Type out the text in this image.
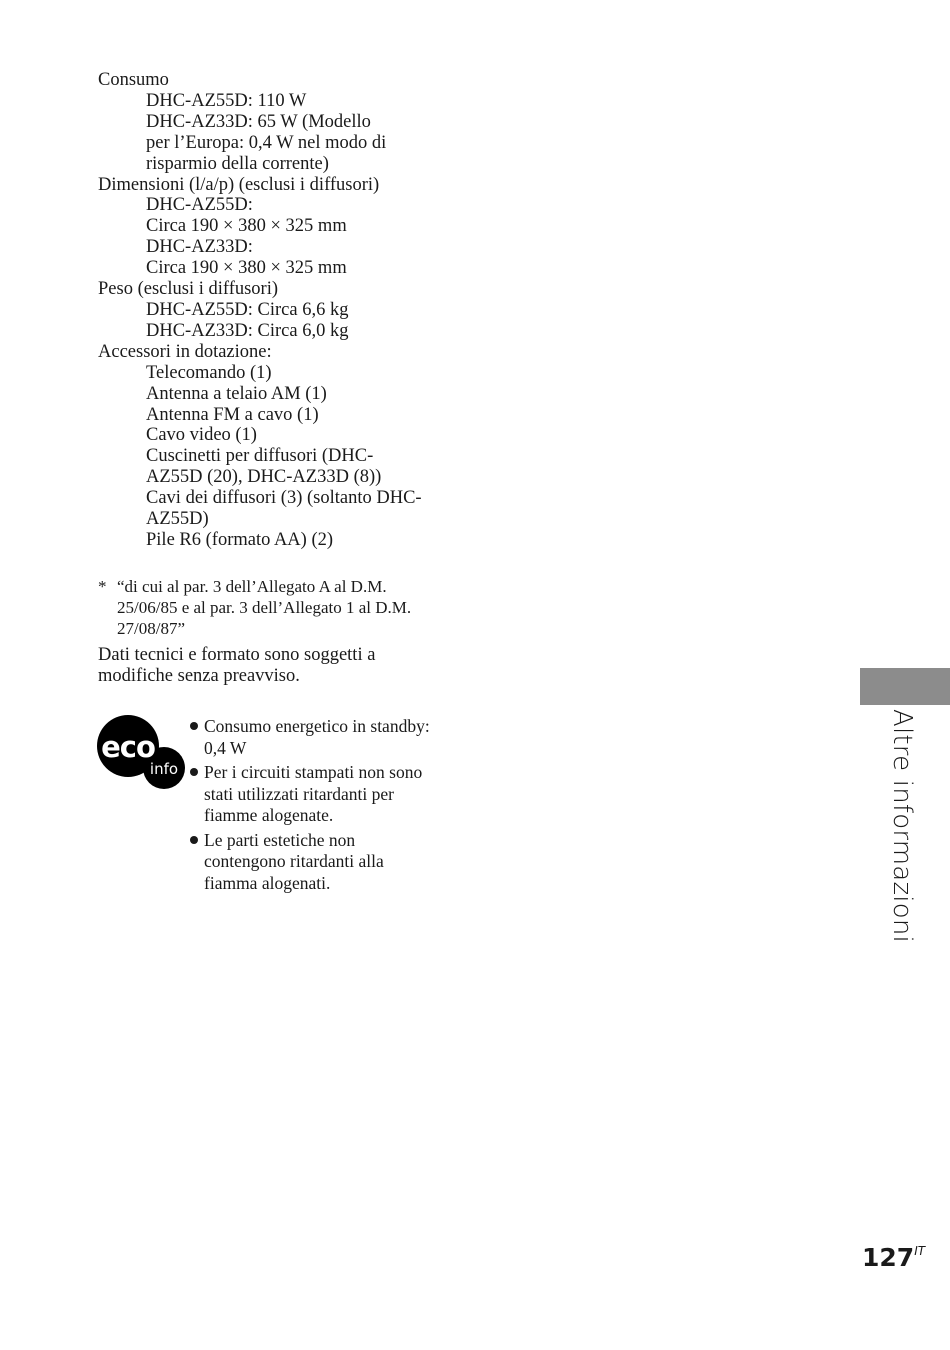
Consumo
DHC-AZ55D: 110 W
DHC-AZ33D: 65 W (Modello
per l’Europa: 0,4 W nel modo di
risparmio della corrente)
Dimensioni (l/a/p) (esclusi i diffusori)
DHC-AZ55D:
Circa 190 × 380 × 325 mm
DHC-AZ33D:
Circa 190 × 380 × 325 mm
Peso (esclusi i diffusori)
DHC-AZ55D: Circa 6,6 kg
DHC-AZ33D: Circa 6,0 kg
Accessori in dotazione:
Telecomando (1)
Antenna a telaio AM (1)
Antenna FM a cavo (1)
Cavo video (1)
Cuscinetti per diffusori (DHC-
AZ55D (20), DHC-AZ33D (8))
Cavi dei diffusori (3) (soltanto DHC-
AZ55D)
Pile R6 (formato AA) (2)
* “di cui al par. 3 dell’Allegato A al D.M.
25/06/85 e al par. 3 dell’Allegato 1 al D.M.
27/08/87”
Dati tecnici e formato sono soggetti a
modifiche senza preavviso.
eco
info
Consumo energetico in standby:
0,4 W
Per i circuiti stampati non sono
stati utilizzati ritardanti per
fiamme alogenate.
Le parti estetiche non
contengono ritardanti alla
fiamma alogenati.	Altre informazioni
$127^{IT}$
